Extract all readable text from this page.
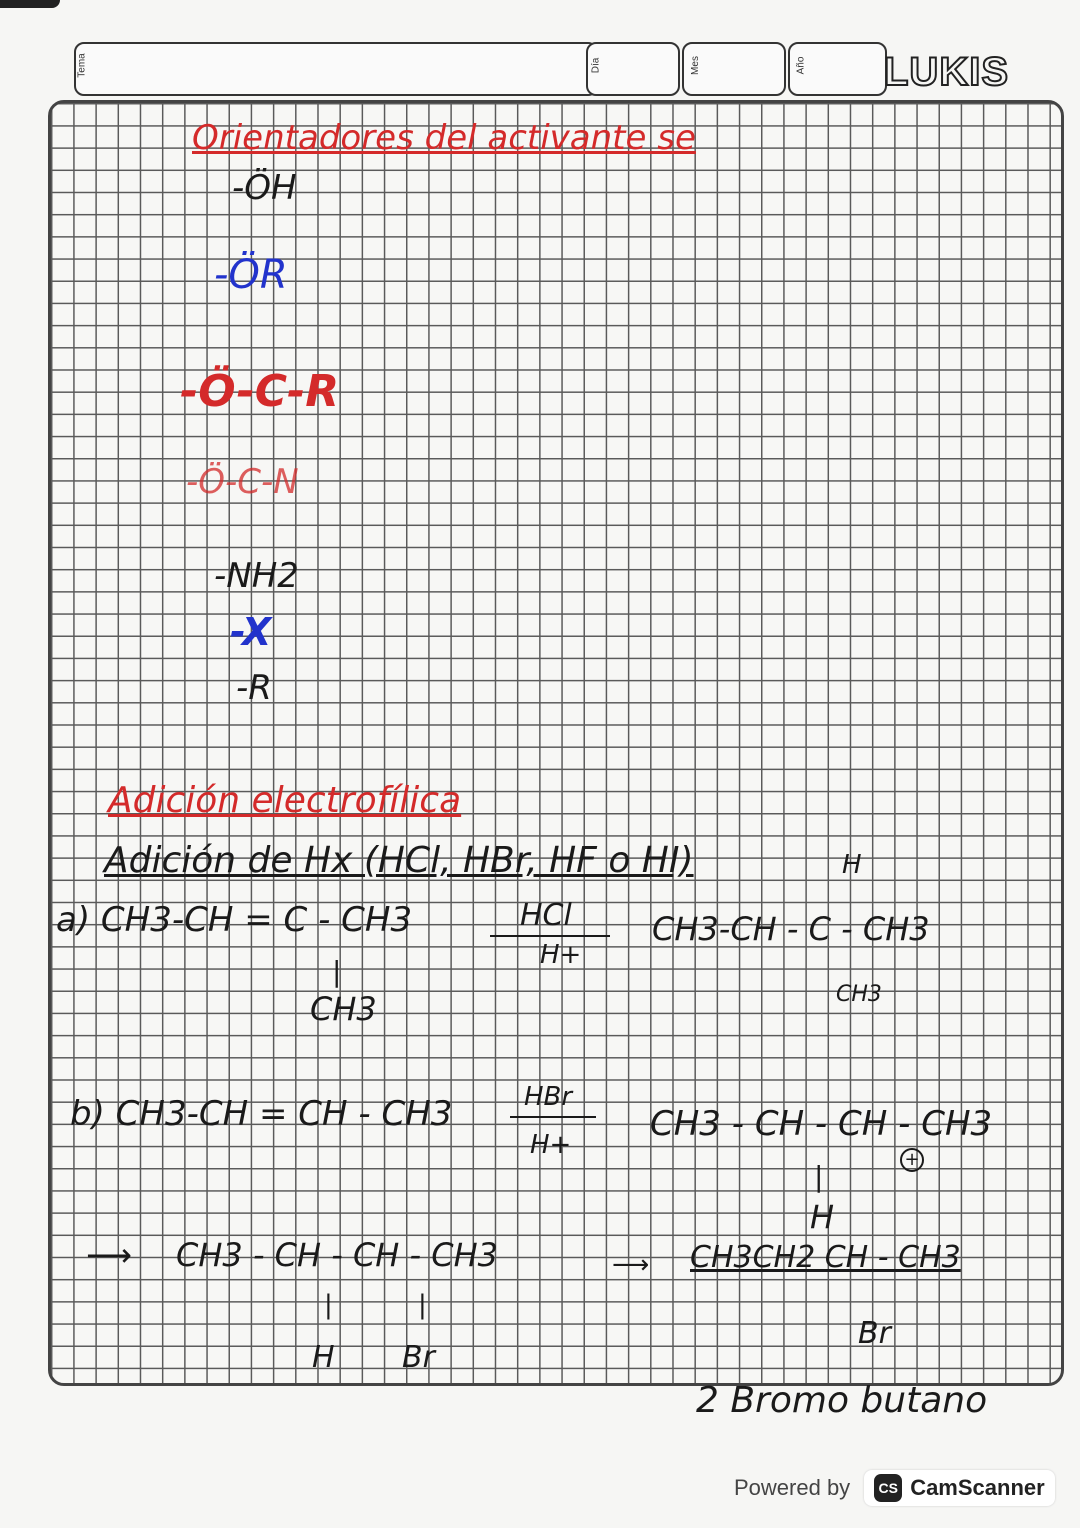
Tema	Día	Mes	Año LUKIS
Orientadores del activante se
-ÖH
-ÖR
-Ö-C-R
-Ö-C-N
-NH2
-X
-R
Adición electrofílica
Adición de Hx (HCl, HBr, HF o HI)
a) CH3-CH = C - CH3
|
CH3
HCl
H+
H
CH3-CH - C - CH3
CH3
b) CH3-CH = CH - CH3	HBr
H+
CH3 - CH - CH - CH3
+
|
H
⟶ CH3 - CH - CH - CH3
|	|
H Br
⟶ CH3CH2 CH - CH3
Br
2 Bromo butano
Powered by	CS CamScanner
